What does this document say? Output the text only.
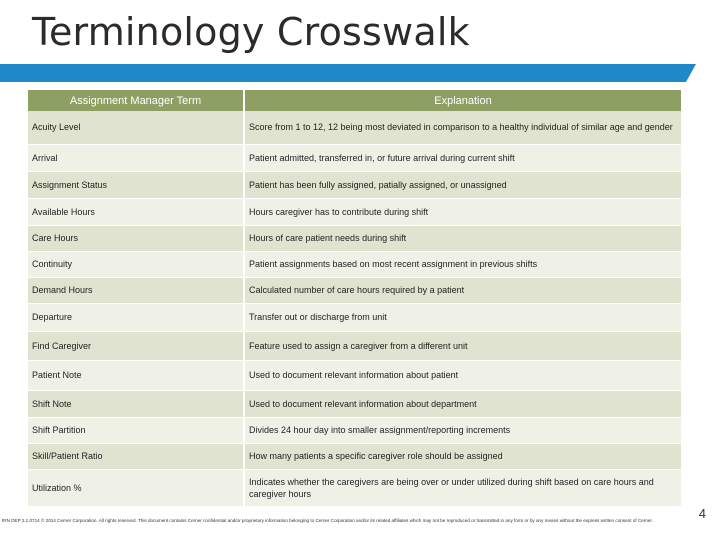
Terminology Crosswalk
Assignment Manager Term	Explanation
Acuity Level	Score from 1 to 12, 12 being most deviated in comparison to a healthy individual of similar age and gender
Arrival	Patient admitted, transferred in, or future arrival during current shift
Assignment Status	Patient has been fully assigned, patially assigned, or unassigned
Available Hours	Hours caregiver has to contribute during shift
Care Hours	Hours of care patient needs during shift
Continuity	Patient assignments based on most recent assignment in previous shifts
Demand Hours	Calculated number of care hours required by a patient
Departure	Transfer out or discharge from unit
Find Caregiver	Feature used to assign a caregiver from a different unit
Patient Note	Used to document relevant information about patient
Shift Note	Used to document relevant information about department
Shift Partition	Divides 24 hour day into smaller assignment/reporting increments
Skill/Patient Ratio	How many patients a specific caregiver role should be assigned
Utilization %	Indicates whether the caregivers are being over or under utilized during shift based on care hours and caregiver hours
IRN DEP 2.1.0714 © 2014 Cerner Corporation. All rights reserved. This document contains Cerner confidential and/or proprietary information belonging to Cerner Corporation and/or its related affiliates which may not be reproduced or transmitted in any form or by any means without the express written consent of Cerner.	4
